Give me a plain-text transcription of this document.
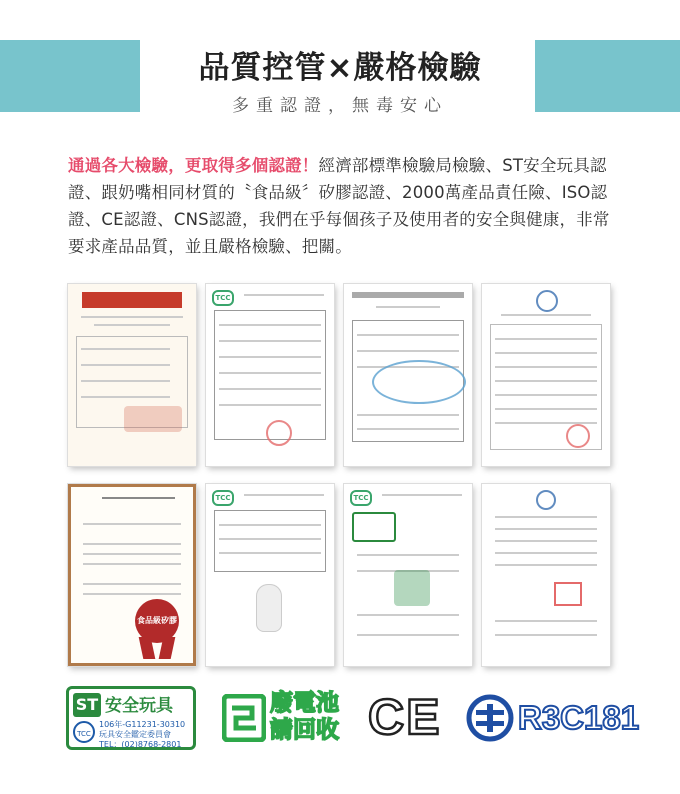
品質控管×嚴格檢驗
多重認證，無毒安心
通過各大檢驗，更取得多個認證！經濟部標準檢驗局檢驗、ST安全玩具認證、跟奶嘴相同材質的〝食品級〞矽膠認證、2000萬產品責任險、ISO認證、CE認證、CNS認證，我們在乎每個孩子及使用者的安全與健康，非常要求產品品質，並且嚴格檢驗、把關。
TCC
食品級矽膠
TCC	TCC
ST 安全玩具
TCC
106年-G11231-30310
玩具安全鑑定委員會
TEL：(02)8768-2801
廢電池
請回收 CE R3C181
